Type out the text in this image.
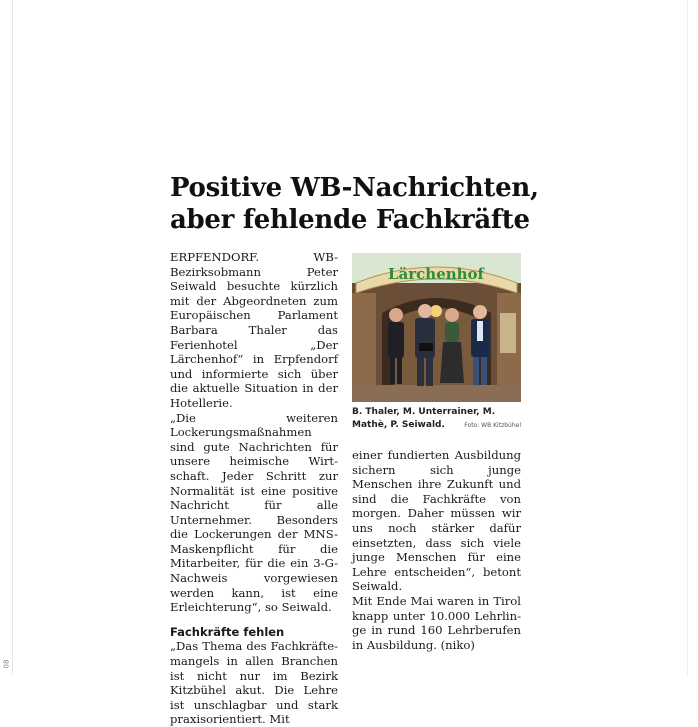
08
Positive WB-Nachrichten, aber fehlende Fachkräfte

ERPFENDORF.	WB-Bezirksobmann Peter Seiwald besuchte kürzlich mit der Abgeordneten zum Europäischen Parlament Barbara Thaler das Ferienhotel „Der Lärchenhof“ in Erpfendorf und informierte sich über die aktuelle Situation in der Hotellerie.

„Die weiteren Lockerungsmaßnahmen sind gute Nachrichten für unsere heimische Wirtschaft. Jeder Schritt zur Normalität ist eine positive Nachricht für alle Unternehmer. Besonders die Lockerungen der MNS-Maskenpflicht für die Mitarbeiter, für die ein 3-G-Nachweis vorgewiesen werden kann, ist eine Erleichterung“, so Seiwald.

Fachkräfte fehlen

„Das Thema des Fachkräftemangels in allen Branchen ist nicht nur im Bezirk Kitzbühel akut. Die Lehre ist unschlagbar und stark praxisorientiert. Mit

Lärchenhof
B. Thaler, M. Unterrainer, M. Mathè, P. Seiwald.	Foto: WB Kitzbühel

einer fundierten Ausbildung sichern sich junge Menschen ihre Zukunft und sind die Fachkräfte von morgen. Daher müssen wir uns noch stärker dafür einsetzten, dass sich viele junge Menschen für eine Lehre entscheiden“, betont Seiwald.

Mit Ende Mai waren in Tirol knapp unter 10.000 Lehrlinge in rund 160 Lehrberufen in Ausbildung. (niko)
